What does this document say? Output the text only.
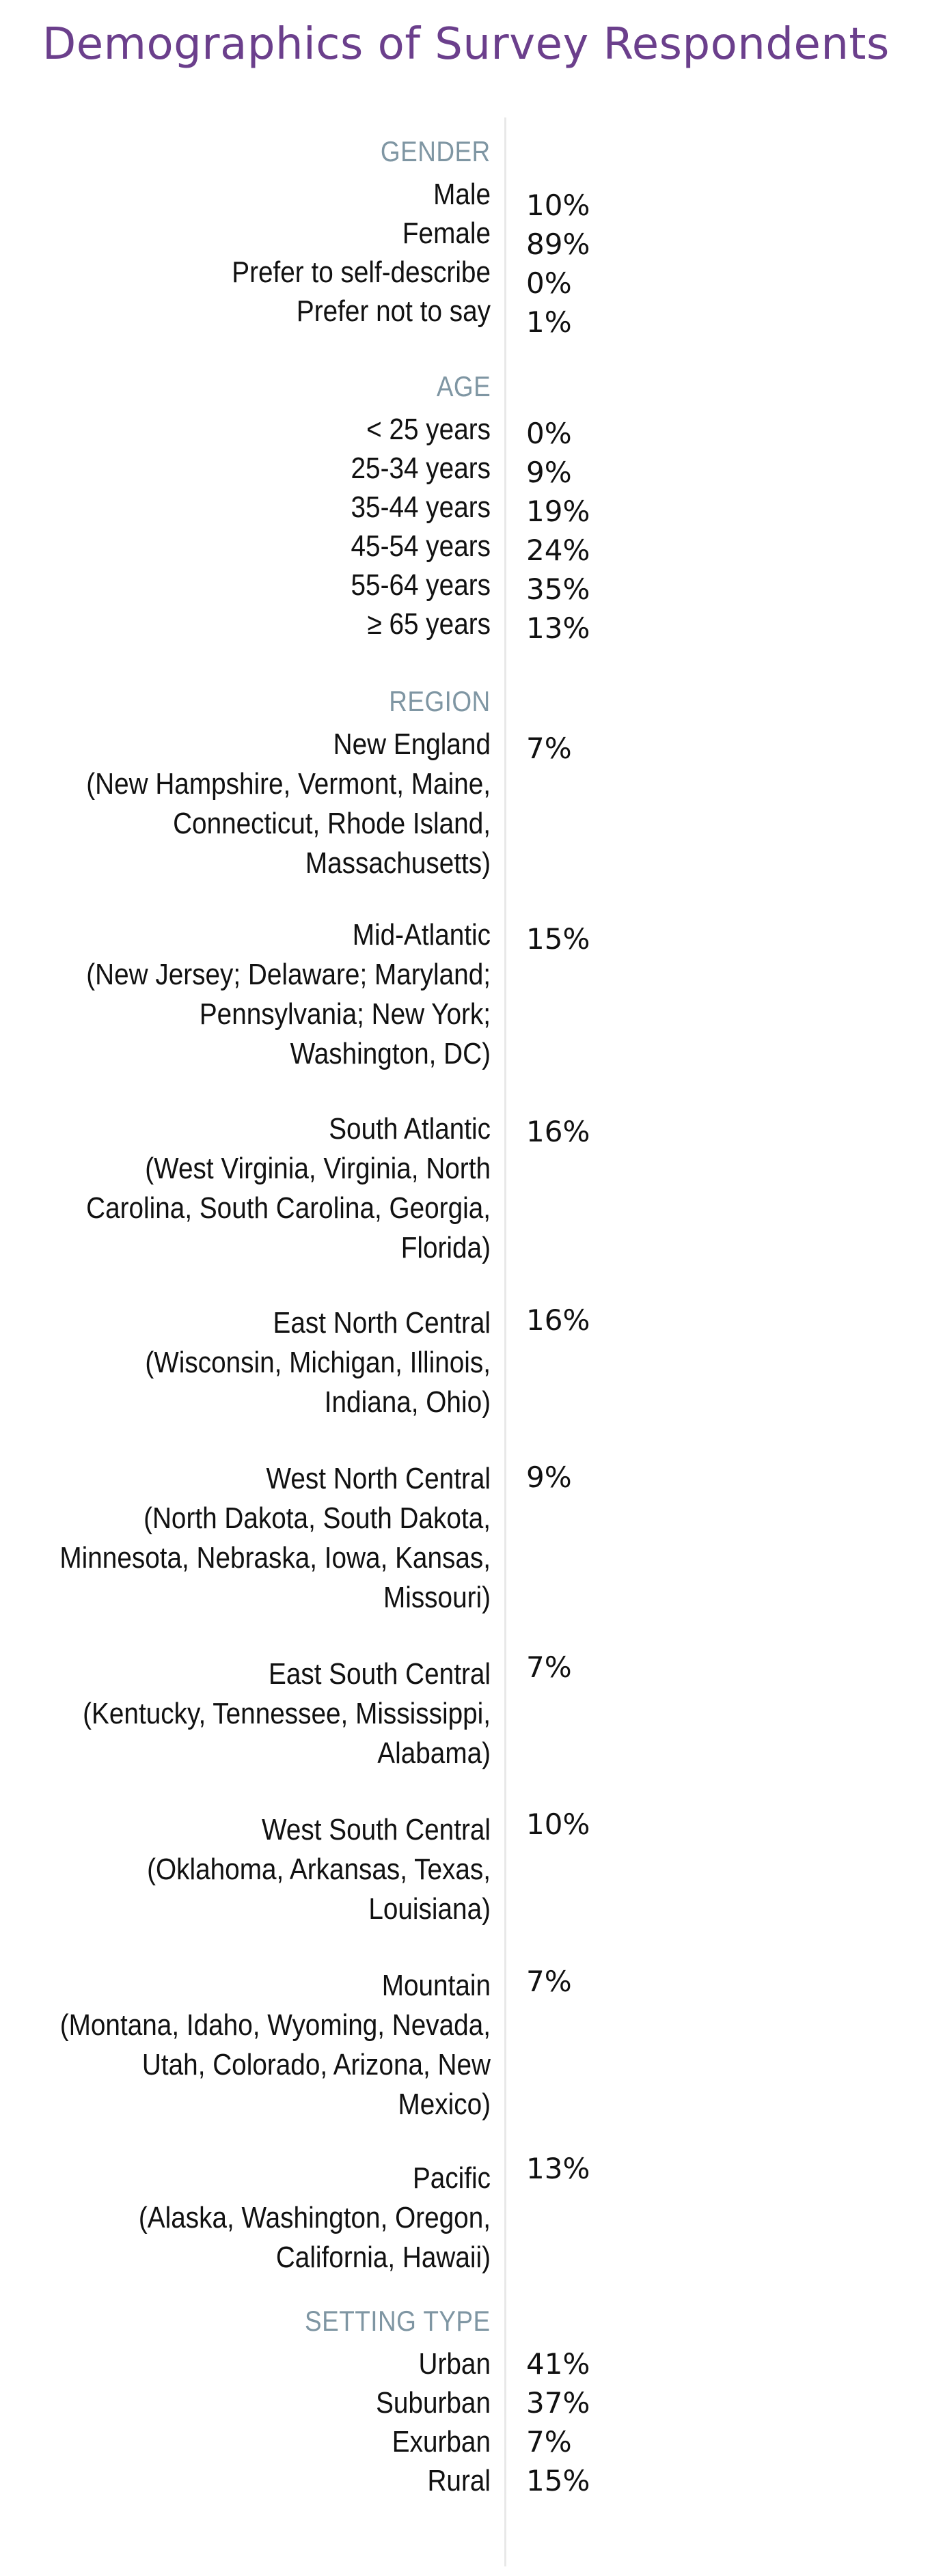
Demographics of Survey Respondents
GENDER
Male 10%
Female 89%
Prefer to self-describe 0%
Prefer not to say 1%
AGE
< 25 years 0%
25-34 years 9%
35-44 years 19%
45-54 years 24%
55-64 years 35%
≥ 65 years 13%
REGION
New England
(New Hampshire, Vermont, Maine, Connecticut, Rhode Island, Massachusetts)
7%
Mid-Atlantic
(New Jersey; Delaware; Maryland; Pennsylvania; New York; Washington, DC)
15%
South Atlantic
(West Virginia, Virginia, North Carolina, South Carolina, Georgia, Florida)
16%
East North Central
(Wisconsin, Michigan, Illinois, Indiana, Ohio)
16%
West North Central
(North Dakota, South Dakota, Minnesota, Nebraska, Iowa, Kansas, Missouri)
9%
East South Central
(Kentucky, Tennessee, Mississippi, Alabama)
7%
West South Central
(Oklahoma, Arkansas, Texas, Louisiana)
10%
Mountain
(Montana, Idaho, Wyoming, Nevada, Utah, Colorado, Arizona, New Mexico)
7%
Pacific
(Alaska, Washington, Oregon, California, Hawaii)
13%
SETTING TYPE
Urban 41%
Suburban 37%
Exurban 7%
Rural 15%
